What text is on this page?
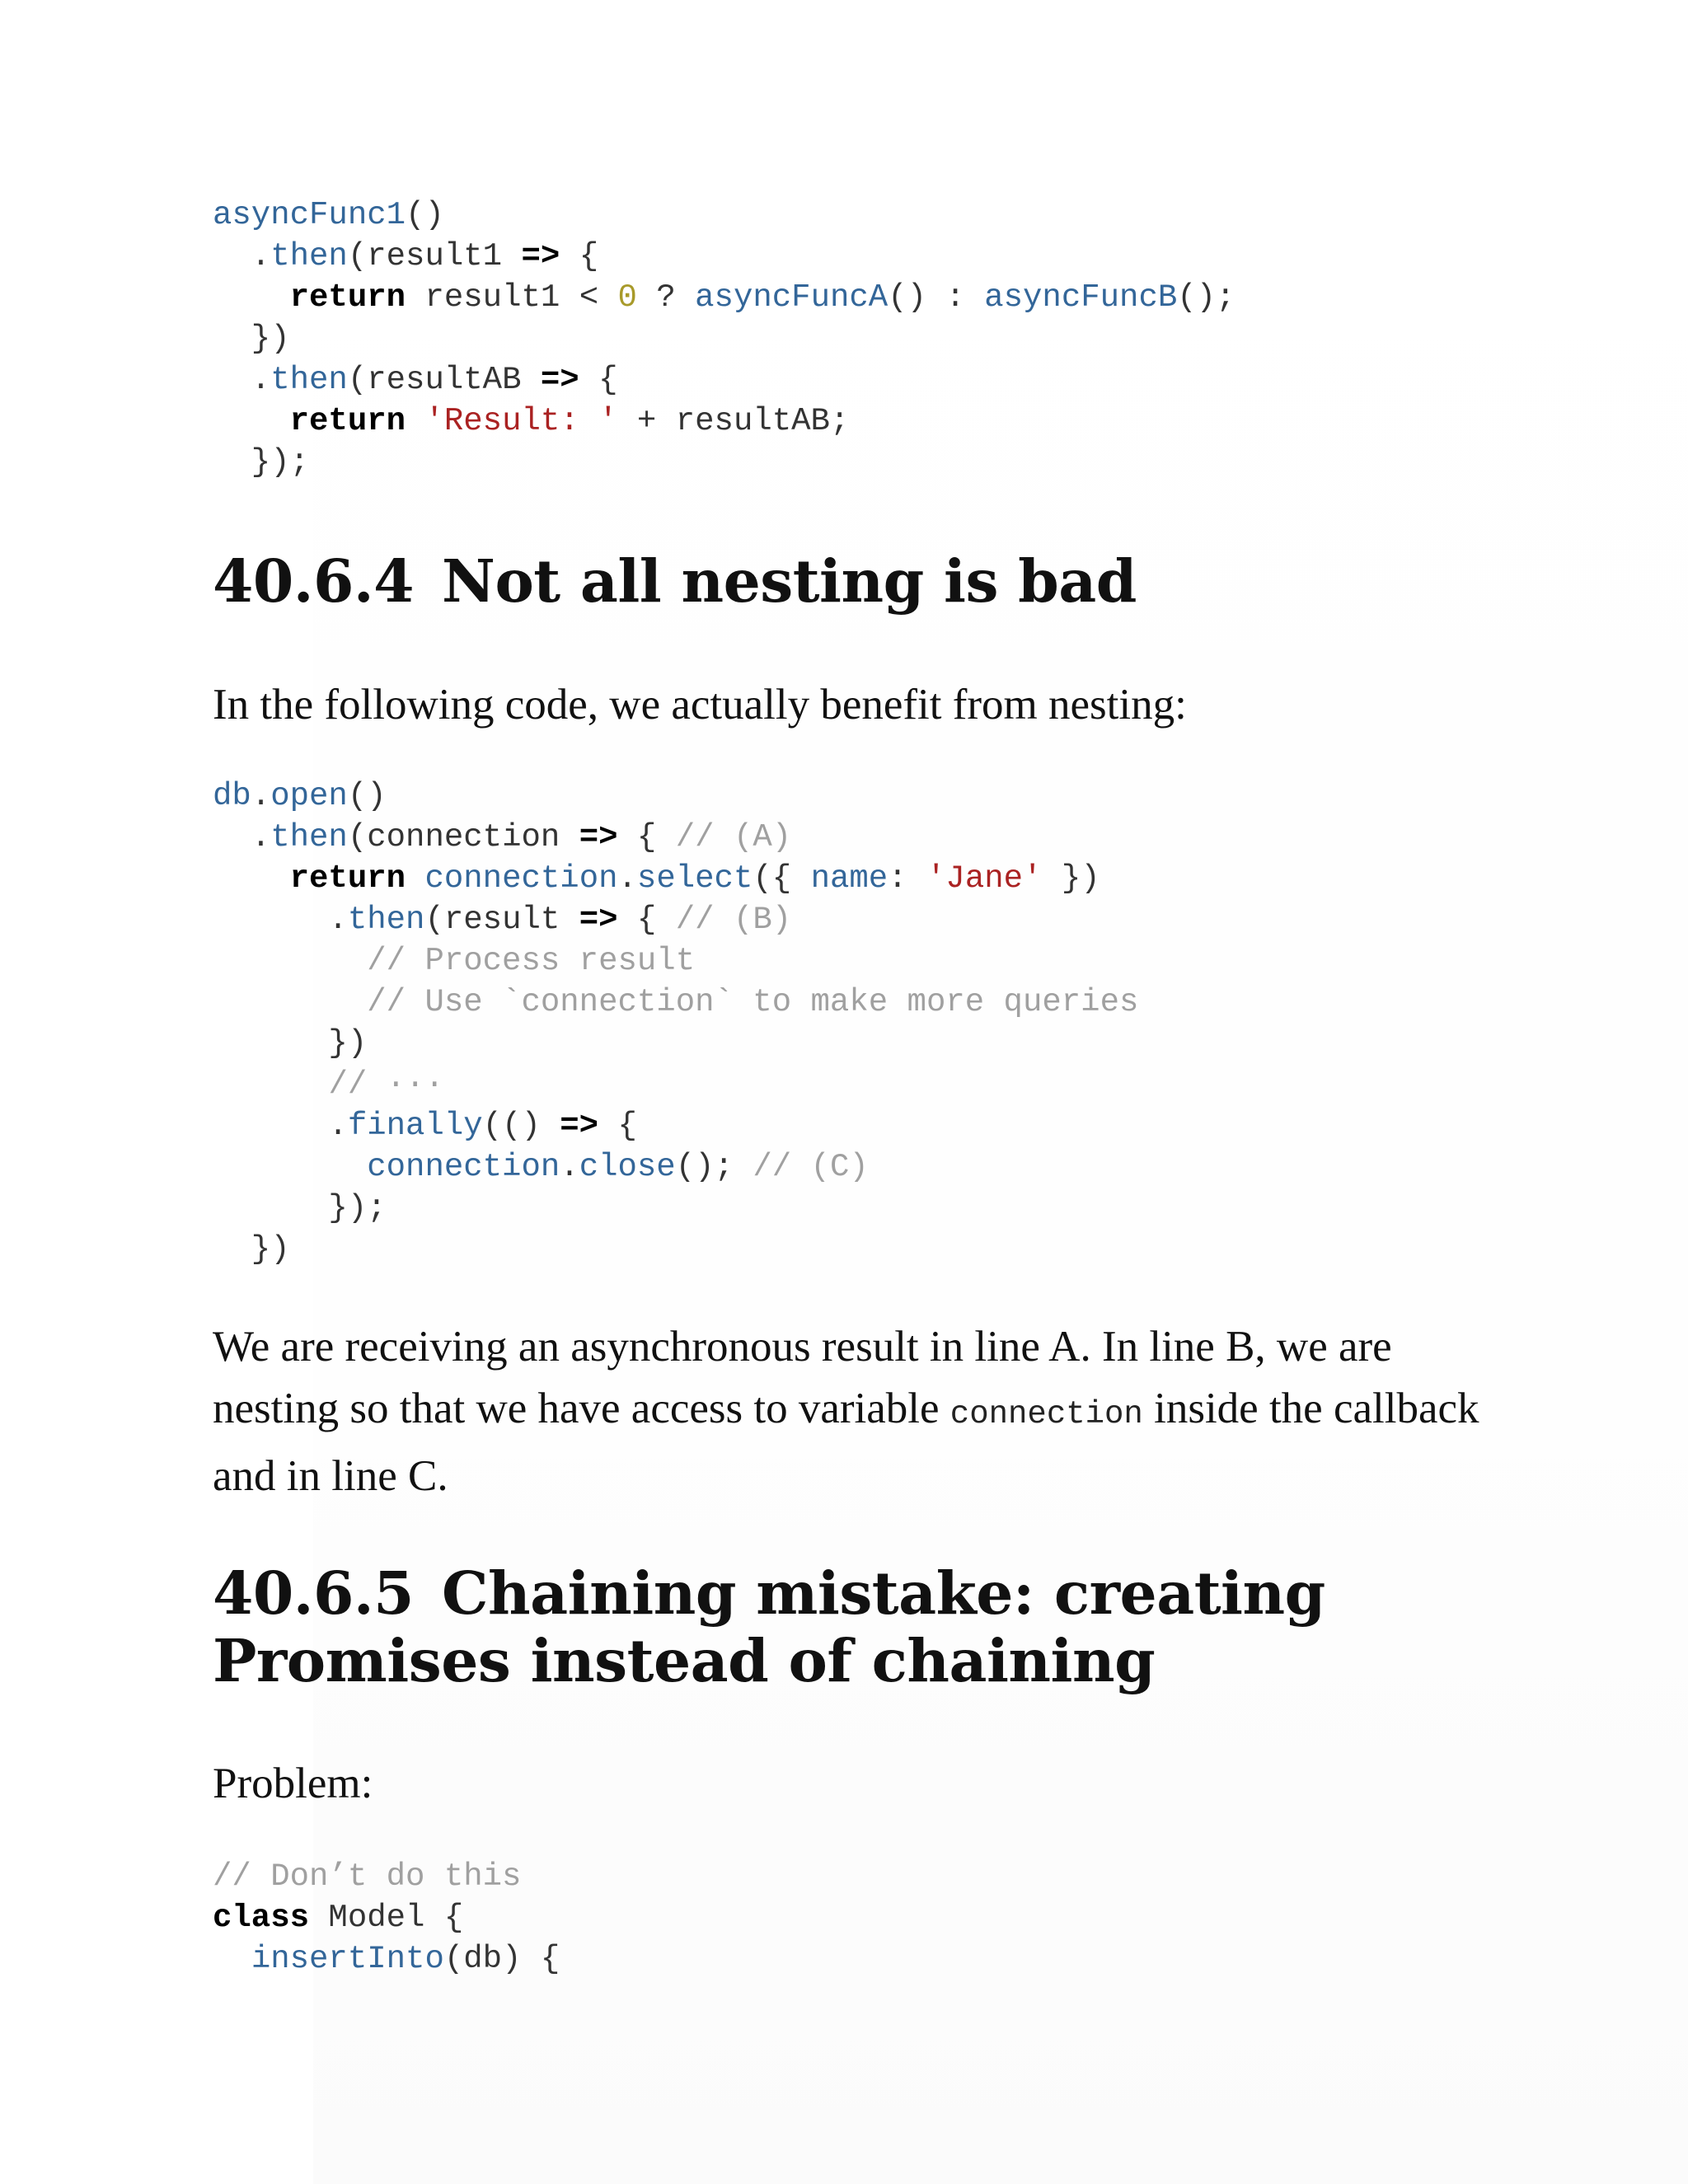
asyncFunc1()
.then(result1 => {
return result1 < 0 ? asyncFuncA() : asyncFuncB();
})
.then(resultAB => {
return 'Result: ' + resultAB;
});
40.6.4 Not all nesting is bad

In the following code, we actually benefit from nesting:

db.open()
.then(connection => { // (A)
return connection.select({ name: 'Jane' })
.then(result => { // (B)
// Process result
// Use `connection` to make more queries
})
// ···
.finally(() => {
connection.close(); // (C)
});
})

We are receiving an asynchronous result in line A. In line B, we are nesting so that we have access to variable connection inside the callback and in line C.

40.6.5 Chaining mistake: creating
Promises instead of chaining

Problem:

// Don’t do this
class Model {
insertInto(db) {
